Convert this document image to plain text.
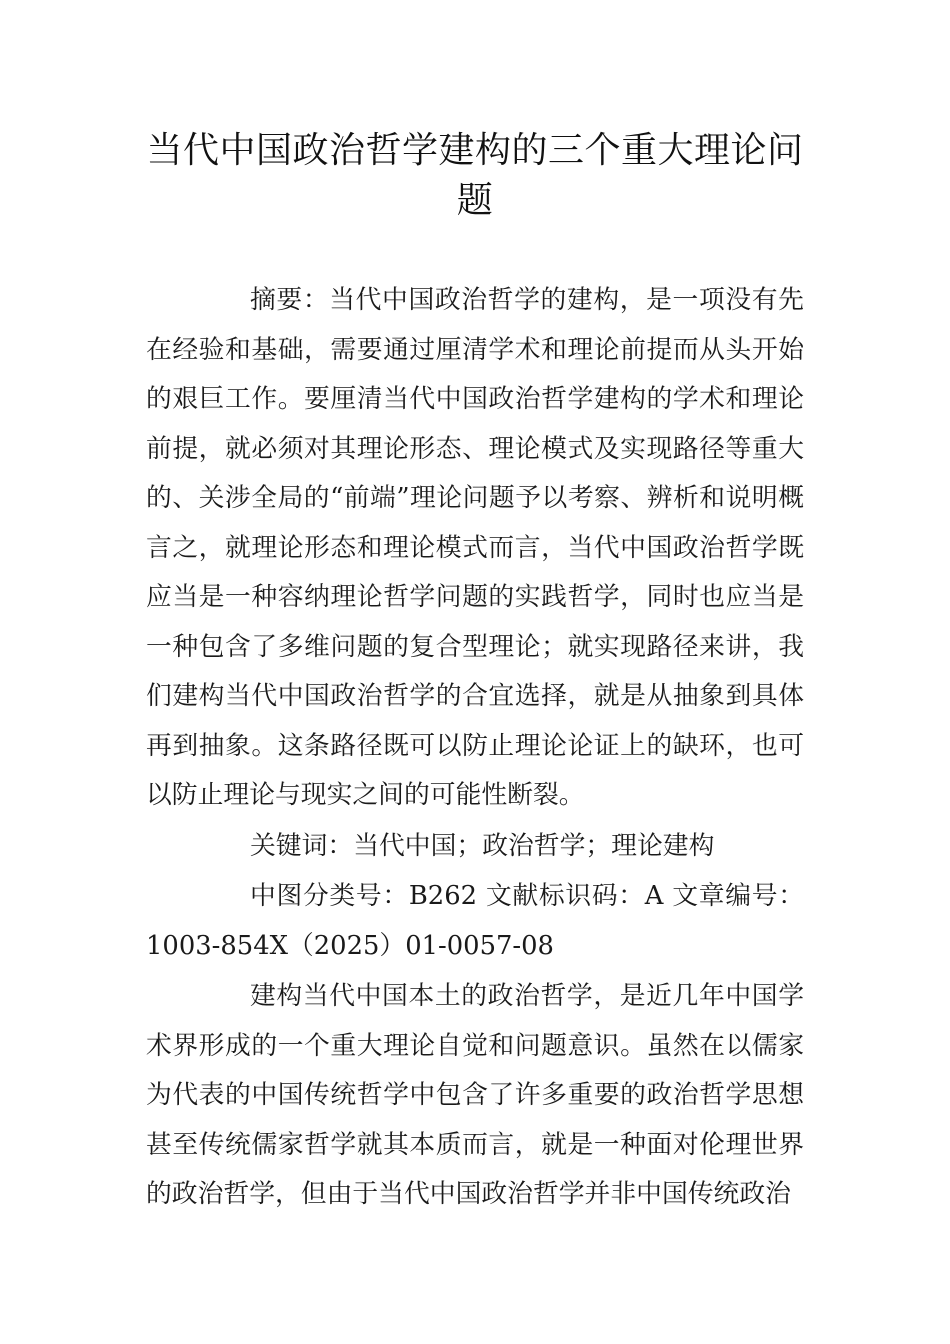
当代中国政治哲学建构的三个重大理论问题
摘要：当代中国政治哲学的建构，是一项没有先在经验和基础，需要通过厘清学术和理论前提而从头开始的艰巨工作。要厘清当代中国政治哲学建构的学术和理论前提，就必须对其理论形态、理论模式及实现路径等重大的、关涉全局的“前端”理论问题予以考察、辨析和说明概言之，就理论形态和理论模式而言，当代中国政治哲学既应当是一种容纳理论哲学问题的实践哲学，同时也应当是一种包含了多维问题的复合型理论；就实现路径来讲，我们建构当代中国政治哲学的合宜选择，就是从抽象到具体再到抽象。这条路径既可以防止理论论证上的缺环，也可以防止理论与现实之间的可能性断裂。
关键词：当代中国；政治哲学；理论建构
中图分类号：B262 文献标识码：A 文章编号：1003-854X（2025）01-0057-08
建构当代中国本土的政治哲学，是近几年中国学术界形成的一个重大理论自觉和问题意识。虽然在以儒家为代表的中国传统哲学中包含了许多重要的政治哲学思想甚至传统儒家哲学就其本质而言，就是一种面对伦理世界的政治哲学，但由于当代中国政治哲学并非中国传统政治
